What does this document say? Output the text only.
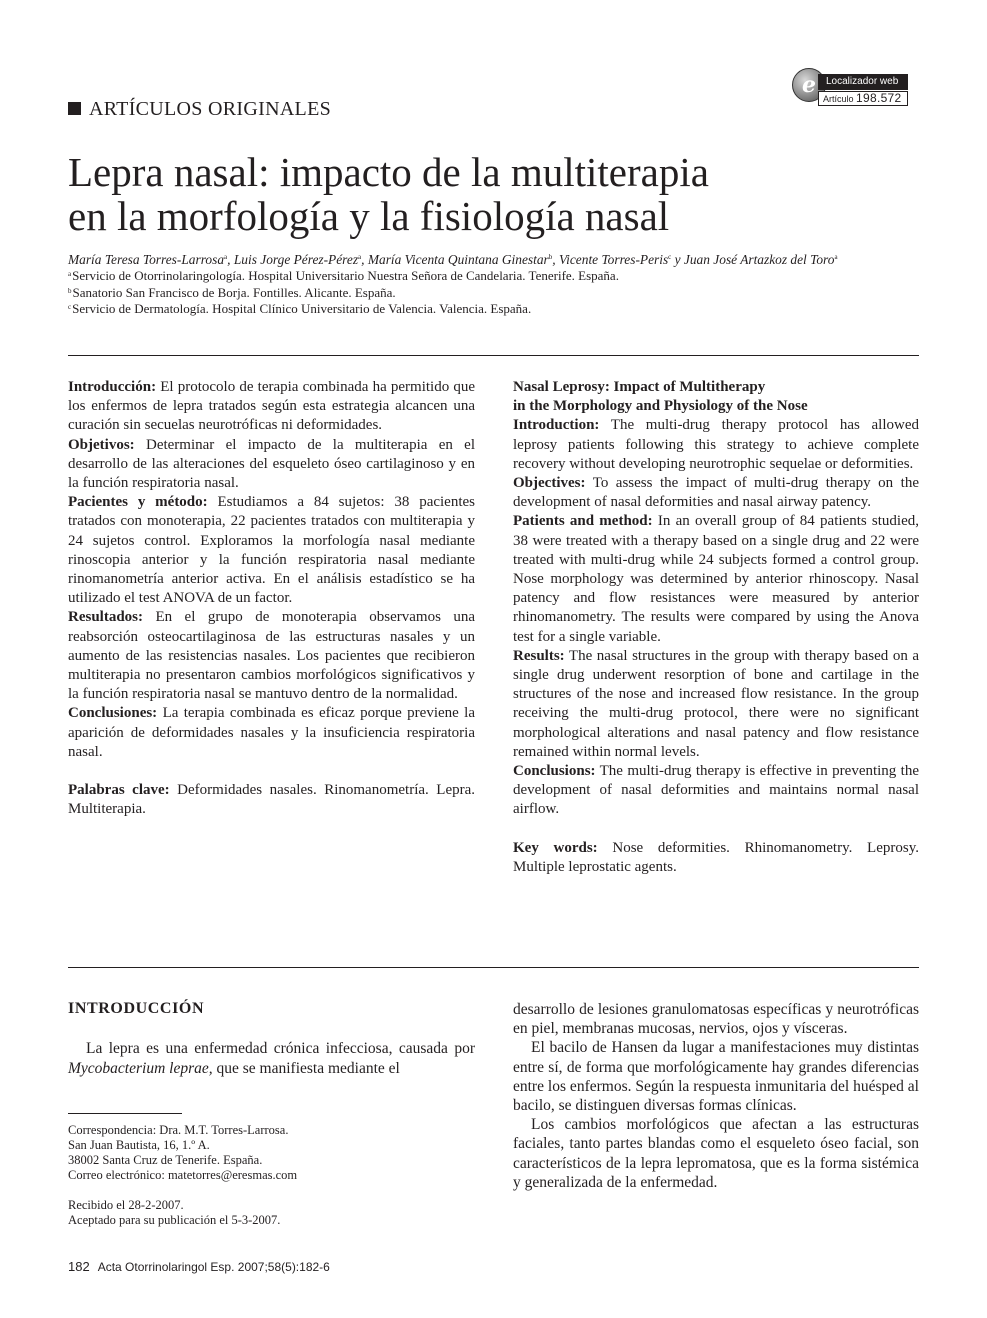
e	Localizador web
Artículo 198.572
ARTÍCULOS ORIGINALES
Lepra nasal: impacto de la multiterapia
en la morfología y la fisiología nasal
María Teresa Torres-Larrosa$^a$, Luis Jorge Pérez-Pérez$^a$, María Vicenta Quintana Ginestar$^b$, Vicente Torres-Peris$^c$ y Juan José Artazkoz del Toro$^a$
$^a$Servicio de Otorrinolaringología. Hospital Universitario Nuestra Señora de Candelaria. Tenerife. España.
$^b$Sanatorio San Francisco de Borja. Fontilles. Alicante. España.
$^c$Servicio de Dermatología. Hospital Clínico Universitario de Valencia. Valencia. España.

Introducción: El protocolo de terapia combinada ha permitido que los enfermos de lepra tratados según esta estrategia alcancen una curación sin secuelas neurotróficas ni deformidades.

Objetivos: Determinar el impacto de la multiterapia en el desarrollo de las alteraciones del esqueleto óseo cartilaginoso y en la función respiratoria nasal.

Pacientes y método: Estudiamos a 84 sujetos: 38 pacientes tratados con monoterapia, 22 pacientes tratados con multiterapia y 24 sujetos control. Exploramos la morfología nasal mediante rinoscopia anterior y la función respiratoria nasal mediante rinomanometría anterior activa. En el análisis estadístico se ha utilizado el test ANOVA de un factor.

Resultados: En el grupo de monoterapia observamos una reabsorción osteocartilaginosa de las estructuras nasales y un aumento de las resistencias nasales. Los pacientes que recibieron multiterapia no presentaron cambios morfológicos significativos y la función respiratoria nasal se mantuvo dentro de la normalidad.

Conclusiones: La terapia combinada es eficaz porque previene la aparición de deformidades nasales y la insuficiencia respiratoria nasal.

Palabras clave: Deformidades nasales. Rinomanometría. Lepra. Multiterapia.

Nasal Leprosy: Impact of Multitherapy
in the Morphology and Physiology of the Nose

Introduction: The multi-drug therapy protocol has allowed leprosy patients following this strategy to achieve complete recovery without developing neurotrophic sequelae or deformities.

Objectives: To assess the impact of multi-drug therapy on the development of nasal deformities and nasal airway patency.

Patients and method: In an overall group of 84 patients studied, 38 were treated with a therapy based on a single drug and 22 were treated with multi-drug while 24 subjects formed a control group. Nose morphology was determined by anterior rhinoscopy. Nasal patency and flow resistances were measured by anterior rhinomanometry. The results were compared by using the Anova test for a single variable.

Results: The nasal structures in the group with therapy based on a single drug underwent resorption of bone and cartilage in the structures of the nose and increased flow resistance. In the group receiving the multi-drug protocol, there were no significant morphological alterations and nasal patency and flow resistance remained within normal levels.

Conclusions: The multi-drug therapy is effective in preventing the development of nasal deformities and maintains normal nasal airflow.

Key words: Nose deformities. Rhinomanometry. Leprosy. Multiple leprostatic agents.

INTRODUCCIÓN

La lepra es una enfermedad crónica infecciosa, causada por Mycobacterium leprae, que se manifiesta mediante el

desarrollo de lesiones granulomatosas específicas y neurotróficas en piel, membranas mucosas, nervios, ojos y vísceras.

El bacilo de Hansen da lugar a manifestaciones muy distintas entre sí, de forma que morfológicamente hay grandes diferencias entre los enfermos. Según la respuesta inmunitaria del huésped al bacilo, se distinguen diversas formas clínicas.

Los cambios morfológicos que afectan a las estructuras faciales, tanto partes blandas como el esqueleto óseo facial, son característicos de la lepra lepromatosa, que es la forma sistémica y generalizada de la enfermedad.

Correspondencia: Dra. M.T. Torres-Larrosa.

San Juan Bautista, 16, 1.º A.

38002 Santa Cruz de Tenerife. España.

Correo electrónico: matetorres@eresmas.com

Recibido el 28-2-2007.

Aceptado para su publicación el 5-3-2007.

182 Acta Otorrinolaringol Esp. 2007;58(5):182-6
